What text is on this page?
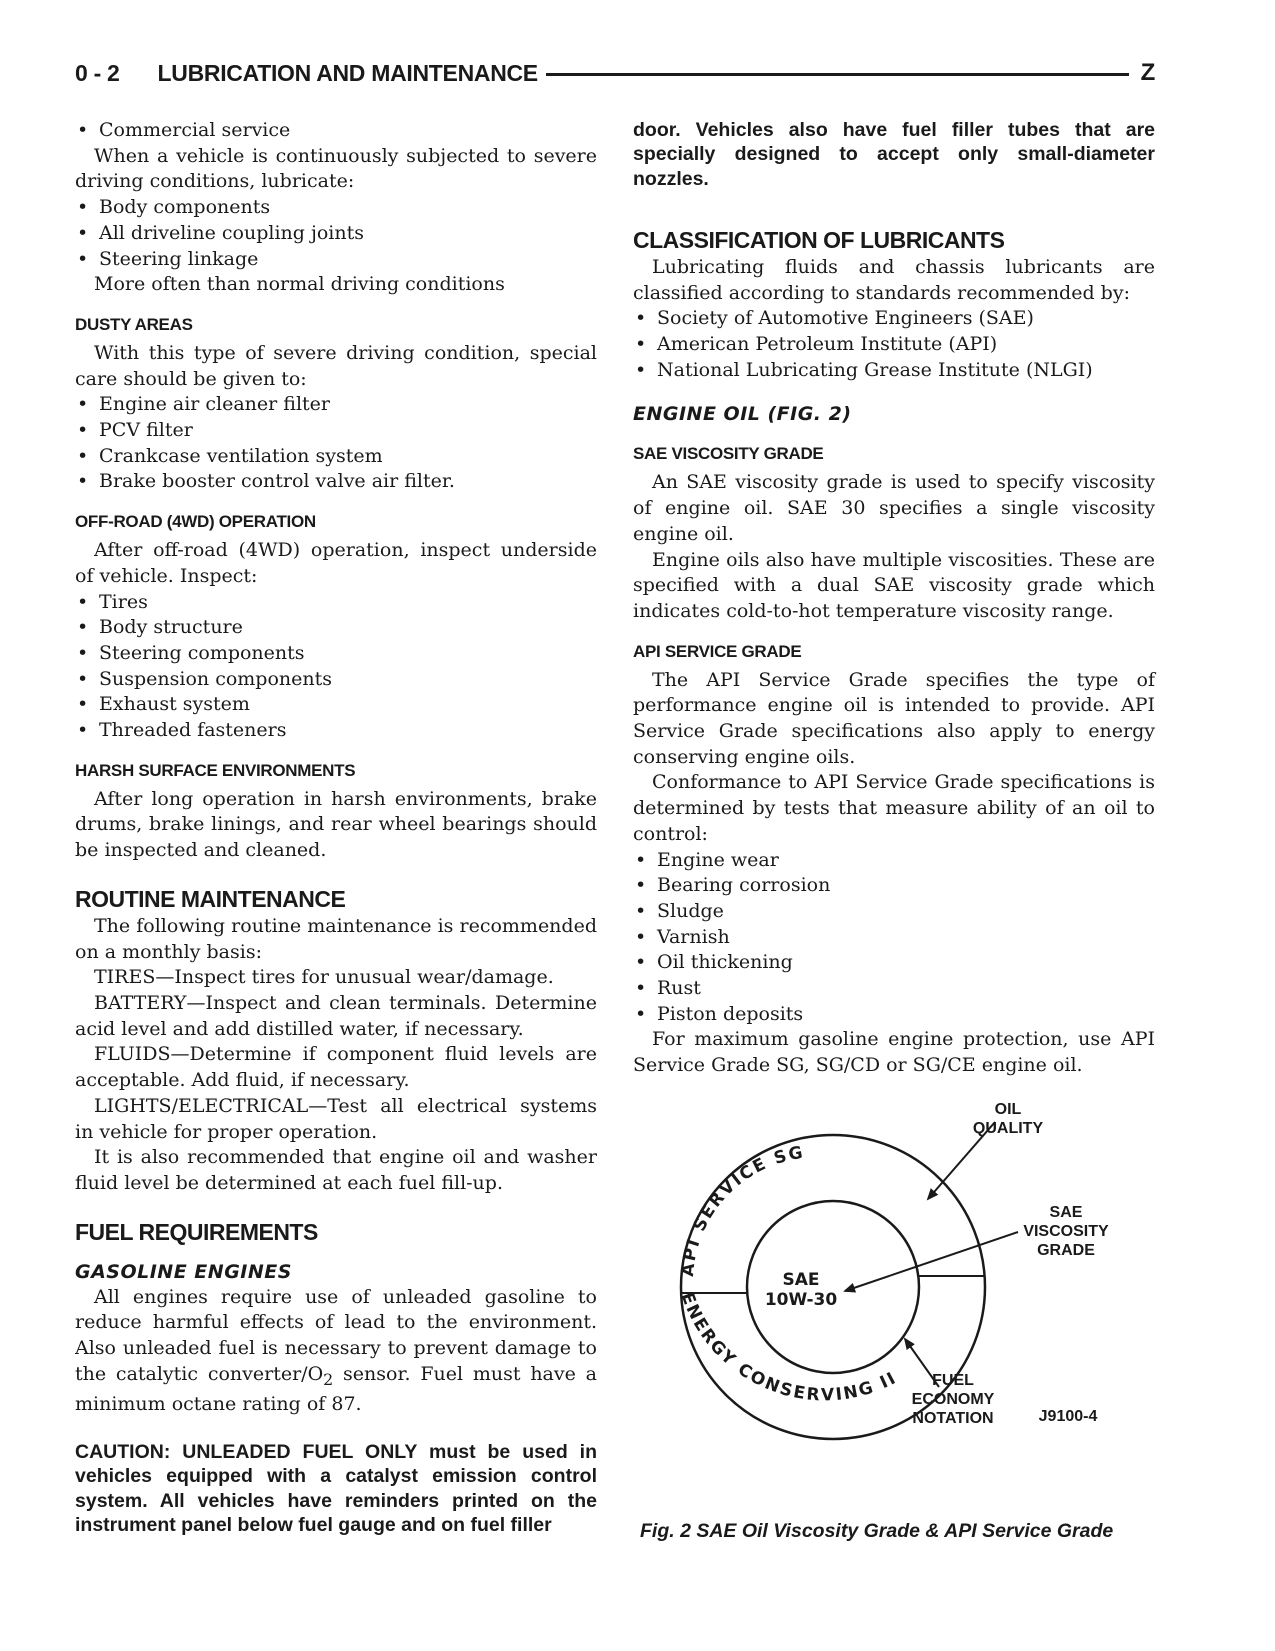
0 - 2 LUBRICATION AND MAINTENANCE	Z
• Commercial service

When a vehicle is continuously subjected to severe driving conditions, lubricate:

• Body components
• All driveline coupling joints
• Steering linkage

More often than normal driving conditions

DUSTY AREAS

With this type of severe driving condition, special care should be given to:

• Engine air cleaner filter
• PCV filter
• Crankcase ventilation system
• Brake booster control valve air filter.
OFF-ROAD (4WD) OPERATION

After off-road (4WD) operation, inspect underside of vehicle. Inspect:

• Tires
• Body structure
• Steering components
• Suspension components
• Exhaust system
• Threaded fasteners
HARSH SURFACE ENVIRONMENTS

After long operation in harsh environments, brake drums, brake linings, and rear wheel bearings should be inspected and cleaned.

ROUTINE MAINTENANCE

The following routine maintenance is recommended on a monthly basis:

TIRES—Inspect tires for unusual wear/damage.

BATTERY—Inspect and clean terminals. Determine acid level and add distilled water, if necessary.

FLUIDS—Determine if component fluid levels are acceptable. Add fluid, if necessary.

LIGHTS/ELECTRICAL—Test all electrical systems in vehicle for proper operation.

It is also recommended that engine oil and washer fluid level be determined at each fuel fill-up.

FUEL REQUIREMENTS
GASOLINE ENGINES

All engines require use of unleaded gasoline to reduce harmful effects of lead to the environment. Also unleaded fuel is necessary to prevent damage to the catalytic converter/$O_2$ sensor. Fuel must have a minimum octane rating of 87.

CAUTION: UNLEADED FUEL ONLY must be used in vehicles equipped with a catalyst emission control system. All vehicles have reminders printed on the instrument panel below fuel gauge and on fuel filler

door. Vehicles also have fuel filler tubes that are specially designed to accept only small-diameter nozzles.

CLASSIFICATION OF LUBRICANTS

Lubricating fluids and chassis lubricants are classified according to standards recommended by:

• Society of Automotive Engineers (SAE)
• American Petroleum Institute (API)
• National Lubricating Grease Institute (NLGI)
ENGINE OIL (FIG. 2)
SAE VISCOSITY GRADE

An SAE viscosity grade is used to specify viscosity of engine oil. SAE 30 specifies a single viscosity engine oil.

Engine oils also have multiple viscosities. These are specified with a dual SAE viscosity grade which indicates cold-to-hot temperature viscosity range.

API SERVICE GRADE

The API Service Grade specifies the type of performance engine oil is intended to provide. API Service Grade specifications also apply to energy conserving engine oils.

Conformance to API Service Grade specifications is determined by tests that measure ability of an oil to control:

• Engine wear
• Bearing corrosion
• Sludge
• Varnish
• Oil thickening
• Rust
• Piston deposits

For maximum gasoline engine protection, use API Service Grade SG, SG/CD or SG/CE engine oil.

API SERVICE SG
ENERGY CONSERVING II
SAE
10W-30
OIL
QUALITY
SAE
VISCOSITY
GRADE
FUEL
ECONOMY
NOTATION	J9100-4
Fig. 2 SAE Oil Viscosity Grade & API Service Grade
